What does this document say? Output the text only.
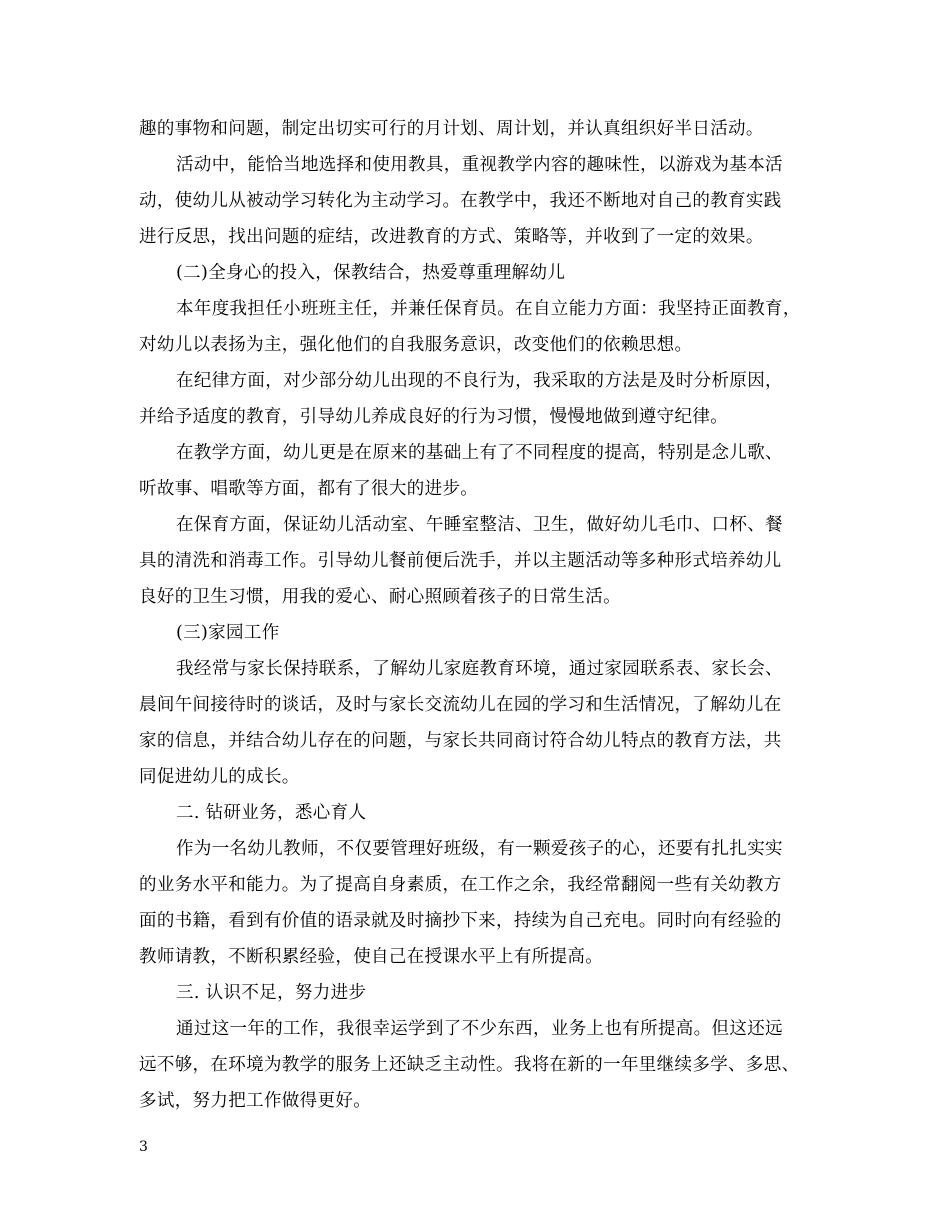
趣的事物和问题，制定出切实可行的月计划、周计划，并认真组织好半日活动。
活动中，能恰当地选择和使用教具，重视教学内容的趣味性，以游戏为基本活
动，使幼儿从被动学习转化为主动学习。在教学中，我还不断地对自己的教育实践
进行反思，找出问题的症结，改进教育的方式、策略等，并收到了一定的效果。
(二)全身心的投入，保教结合，热爱尊重理解幼儿
本年度我担任小班班主任，并兼任保育员。在自立能力方面：我坚持正面教育，
对幼儿以表扬为主，强化他们的自我服务意识，改变他们的依赖思想。
在纪律方面，对少部分幼儿出现的不良行为，我采取的方法是及时分析原因，
并给予适度的教育，引导幼儿养成良好的行为习惯，慢慢地做到遵守纪律。
在教学方面，幼儿更是在原来的基础上有了不同程度的提高，特别是念儿歌、
听故事、唱歌等方面，都有了很大的进步。
在保育方面，保证幼儿活动室、午睡室整洁、卫生，做好幼儿毛巾、口杯、餐
具的清洗和消毒工作。引导幼儿餐前便后洗手，并以主题活动等多种形式培养幼儿
良好的卫生习惯，用我的爱心、耐心照顾着孩子的日常生活。
(三)家园工作
我经常与家长保持联系，了解幼儿家庭教育环境，通过家园联系表、家长会、
晨间午间接待时的谈话，及时与家长交流幼儿在园的学习和生活情况，了解幼儿在
家的信息，并结合幼儿存在的问题，与家长共同商讨符合幼儿特点的教育方法，共
同促进幼儿的成长。
二. 钻研业务，悉心育人
作为一名幼儿教师，不仅要管理好班级，有一颗爱孩子的心，还要有扎扎实实
的业务水平和能力。为了提高自身素质，在工作之余，我经常翻阅一些有关幼教方
面的书籍，看到有价值的语录就及时摘抄下来，持续为自己充电。同时向有经验的
教师请教，不断积累经验，使自己在授课水平上有所提高。
三. 认识不足，努力进步
通过这一年的工作，我很幸运学到了不少东西，业务上也有所提高。但这还远
远不够，在环境为教学的服务上还缺乏主动性。我将在新的一年里继续多学、多思、
多试，努力把工作做得更好。
3
